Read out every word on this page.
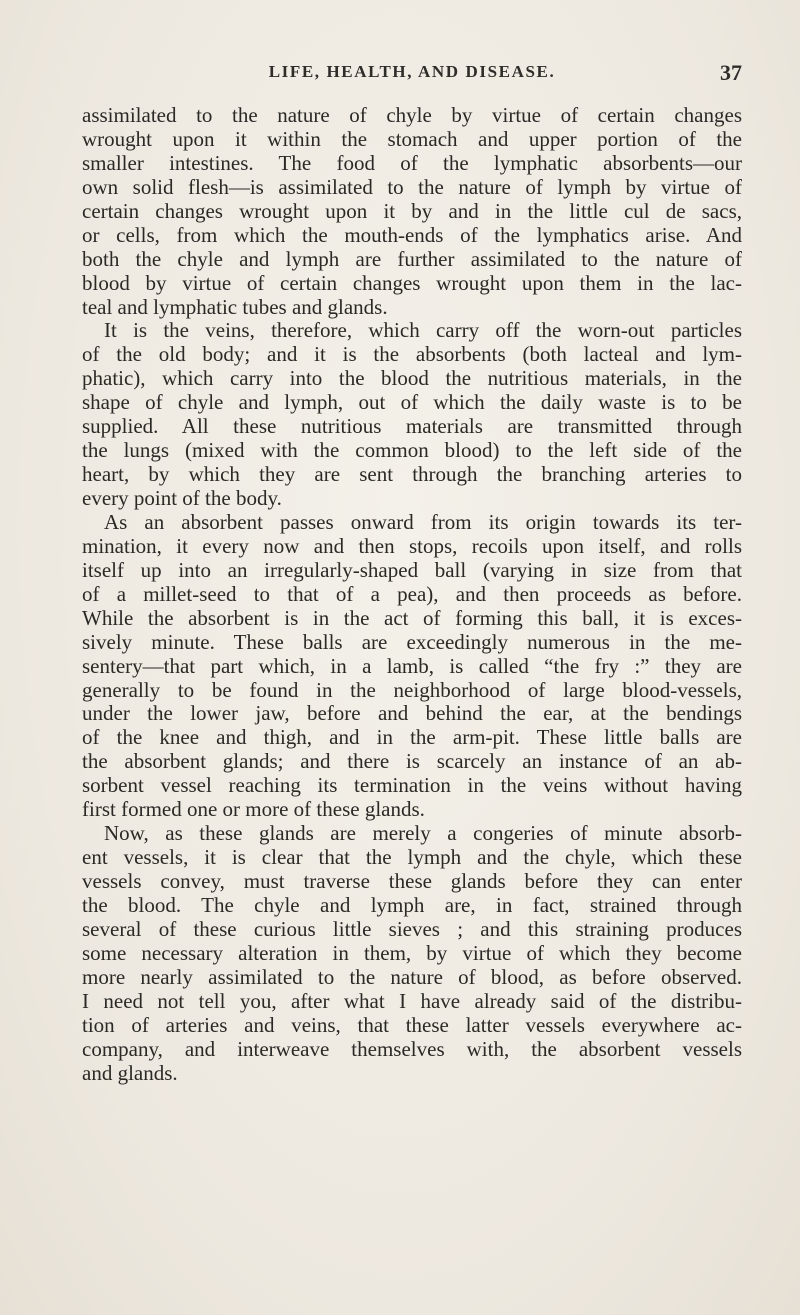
LIFE, HEALTH, AND DISEASE.	37
assimilated to the nature of chyle by virtue of certain changes
wrought upon it within the stomach and upper portion of the
smaller intestines. The food of the lymphatic absorbents—our
own solid flesh—is assimilated to the nature of lymph by virtue of
certain changes wrought upon it by and in the little cul de sacs,
or cells, from which the mouth-ends of the lymphatics arise. And
both the chyle and lymph are further assimilated to the nature of
blood by virtue of certain changes wrought upon them in the lac-
teal and lymphatic tubes and glands.
It is the veins, therefore, which carry off the worn-out particles
of the old body; and it is the absorbents (both lacteal and lym-
phatic), which carry into the blood the nutritious materials, in the
shape of chyle and lymph, out of which the daily waste is to be
supplied. All these nutritious materials are transmitted through
the lungs (mixed with the common blood) to the left side of the
heart, by which they are sent through the branching arteries to
every point of the body.
As an absorbent passes onward from its origin towards its ter-
mination, it every now and then stops, recoils upon itself, and rolls
itself up into an irregularly-shaped ball (varying in size from that
of a millet-seed to that of a pea), and then proceeds as before.
While the absorbent is in the act of forming this ball, it is exces-
sively minute. These balls are exceedingly numerous in the me-
sentery—that part which, in a lamb, is called “the fry :” they are
generally to be found in the neighborhood of large blood-vessels,
under the lower jaw, before and behind the ear, at the bendings
of the knee and thigh, and in the arm-pit. These little balls are
the absorbent glands; and there is scarcely an instance of an ab-
sorbent vessel reaching its termination in the veins without having
first formed one or more of these glands.
Now, as these glands are merely a congeries of minute absorb-
ent vessels, it is clear that the lymph and the chyle, which these
vessels convey, must traverse these glands before they can enter
the blood. The chyle and lymph are, in fact, strained through
several of these curious little sieves ; and this straining produces
some necessary alteration in them, by virtue of which they become
more nearly assimilated to the nature of blood, as before observed.
I need not tell you, after what I have already said of the distribu-
tion of arteries and veins, that these latter vessels everywhere ac-
company, and interweave themselves with, the absorbent vessels
and glands.
